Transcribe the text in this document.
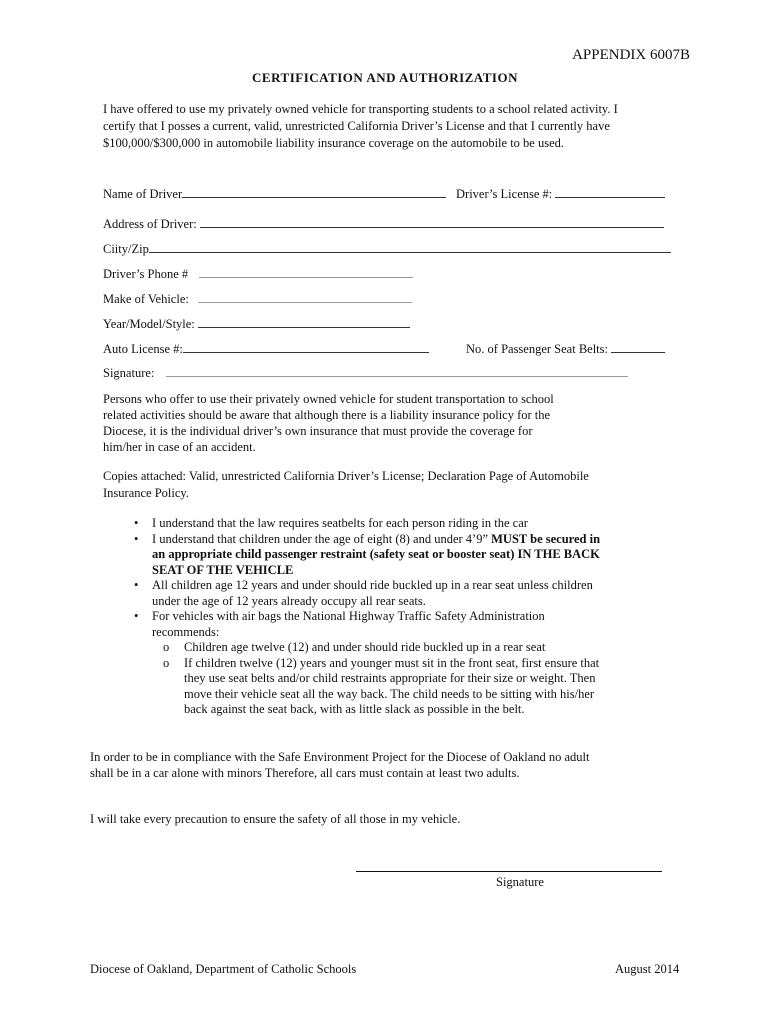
APPENDIX 6007B
CERTIFICATION AND AUTHORIZATION
I have offered to use my privately owned vehicle for transporting students to a school related activity. I certify that I posses a current, valid, unrestricted California Driver’s License and that I currently have $100,000/$300,000 in automobile liability insurance coverage on the automobile to be used.
Name of Driver	Driver’s License #:
Address of Driver:
Ciity/Zip
Driver’s Phone #
Make of Vehicle:
Year/Model/Style:
Auto License #:	No. of Passenger Seat Belts:
Signature:
Persons who offer to use their privately owned vehicle for student transportation to school related activities should be aware that although there is a liability insurance policy for the Diocese, it is the individual driver’s own insurance that must provide the coverage for him/her in case of an accident.
Copies attached: Valid, unrestricted California Driver’s License; Declaration Page of Automobile Insurance Policy.
• I understand that the law requires seatbelts for each person riding in the car
• I understand that children under the age of eight (8) and under 4’9” MUST be secured in an appropriate child passenger restraint (safety seat or booster seat) IN THE BACK SEAT OF THE VEHICLE
• All children age 12 years and under should ride buckled up in a rear seat unless children under the age of 12 years already occupy all rear seats.
• For vehicles with air bags the National Highway Traffic Safety Administration recommends:
o Children age twelve (12) and under should ride buckled up in a rear seat
o If children twelve (12) years and younger must sit in the front seat, first ensure that they use seat belts and/or child restraints appropriate for their size or weight. Then move their vehicle seat all the way back. The child needs to be sitting with his/her back against the seat back, with as little slack as possible in the belt.
In order to be in compliance with the Safe Environment Project for the Diocese of Oakland no adult shall be in a car alone with minors Therefore, all cars must contain at least two adults.
I will take every precaution to ensure the safety of all those in my vehicle.
Signature
Diocese of Oakland, Department of Catholic Schools	August 2014
